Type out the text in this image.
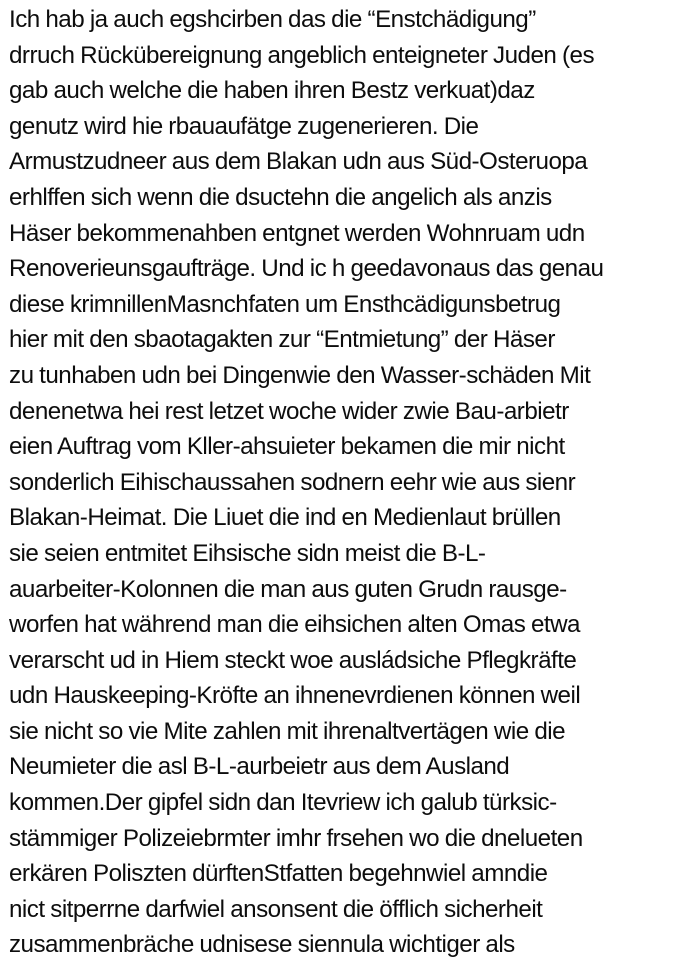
Ich hab ja auch egshcirben das die “Enstchädigung”
drruch Rückübereignung angeblich enteigneter Juden (es
gab auch welche die haben ihren Bestz verkuat)daz
genutz wird hie rbauaufätge zugenerieren. Die
Armustzudneer aus dem Blakan udn aus Süd-Osteruopa
erhlffen sich wenn die dsuctehn die angelich als anzis
Häser bekommenahben entgnet werden Wohnruam udn
Renoverieunsgaufträge. Und ic h geedavonaus das genau
diese krimnillenMasnchfaten um Ensthcädigunsbetrug
hier mit den sbaotagakten zur “Entmietung” der Häser
zu tunhaben udn bei Dingenwie den Wasser-schäden Mit
denenetwa hei rest letzet woche wider zwie Bau-arbietr
eien Auftrag vom Kller-ahsuieter bekamen die mir nicht
sonderlich Eihischaussahen sodnern eehr wie aus sienr
Blakan-Heimat. Die Liuet die ind en Medienlaut brüllen
sie seien entmitet Eihsische sidn meist die B-L-
auarbeiter-Kolonnen die man aus guten Grudn rausge-
worfen hat während man die eihsichen alten Omas etwa
verarscht ud in Hiem steckt woe ausládsiche Pflegkräfte
udn Hauskeeping-Kröfte an ihnenevrdienen können weil
sie nicht so vie Mite zahlen mit ihrenaltvertägen wie die
Neumieter die asl B-L-aurbeietr aus dem Ausland
kommen.Der gipfel sidn dan Itevriew ich galub türksic-
stämmiger Polizeiebrmter imhr frsehen wo die dnelueten
erkären Poliszten dürftenStfatten begehnwiel amndie
nict sitperrne darfwiel ansonsent die öfflich sicherheit
zusammenbräche udnisese siennula wichtiger als
